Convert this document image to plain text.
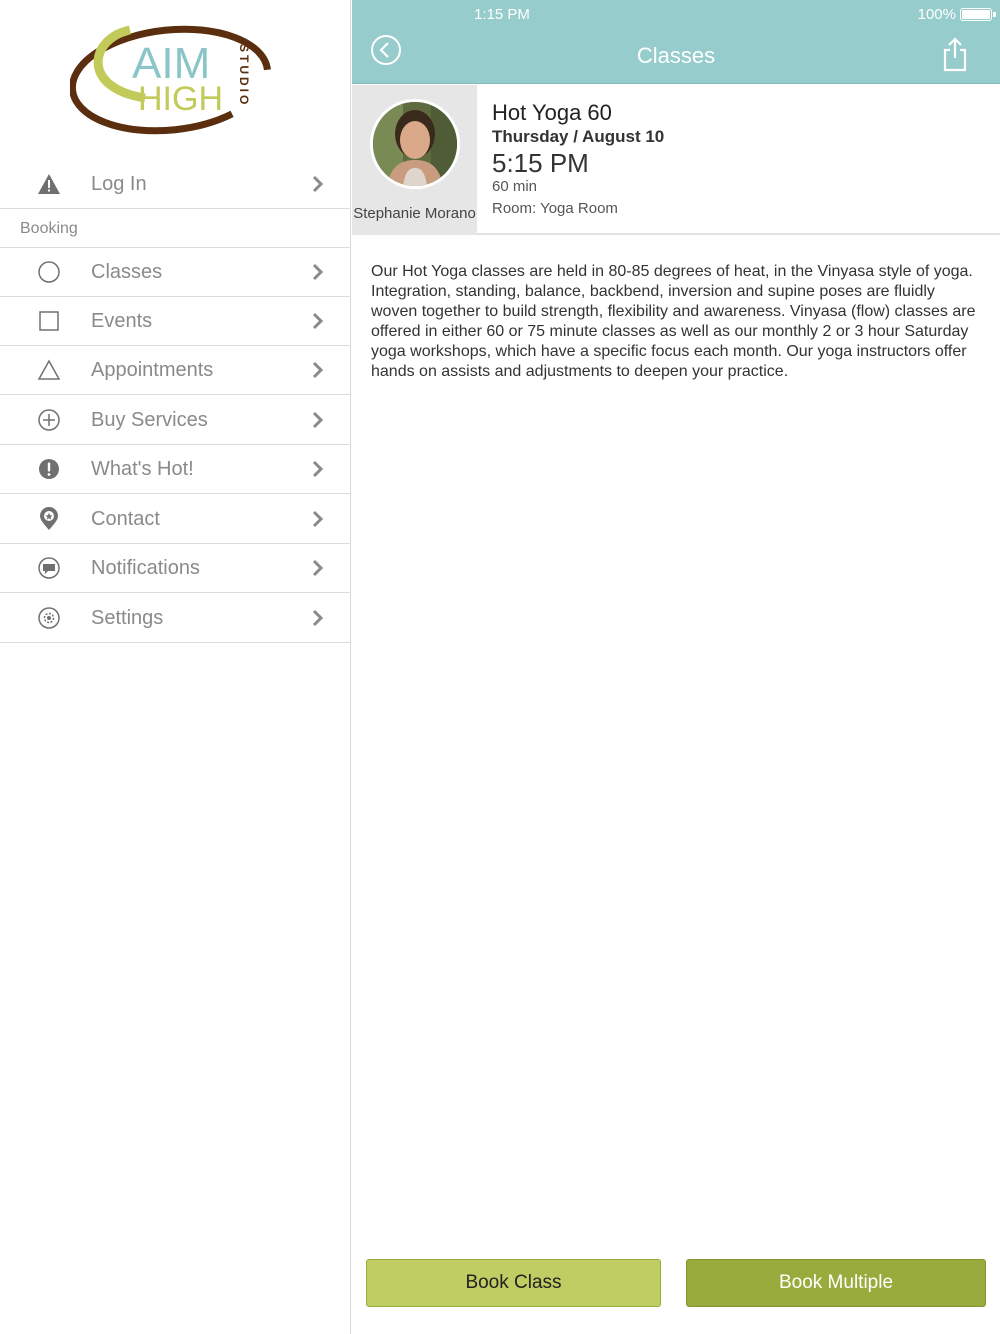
AIM
HIGH STUDIO
Log In
Booking
Classes
Events
Appointments
Buy Services
What's Hot!
Contact
Notifications
Settings
1:15 PM	100%
Classes
Stephanie Morano
Hot Yoga 60
Thursday / August 10
5:15 PM
60 min
Room: Yoga Room
Our Hot Yoga classes are held in 80-85 degrees of heat, in the Vinyasa style of yoga. Integration, standing, balance, backbend, inversion and supine poses are fluidly woven together to build strength, flexibility and awareness. Vinyasa (flow) classes are offered in either 60 or 75 minute classes as well as our monthly 2 or 3 hour Saturday yoga workshops, which have a specific focus each month. Our yoga instructors offer hands on assists and adjustments to deepen your practice.
Book Class	Book Multiple
